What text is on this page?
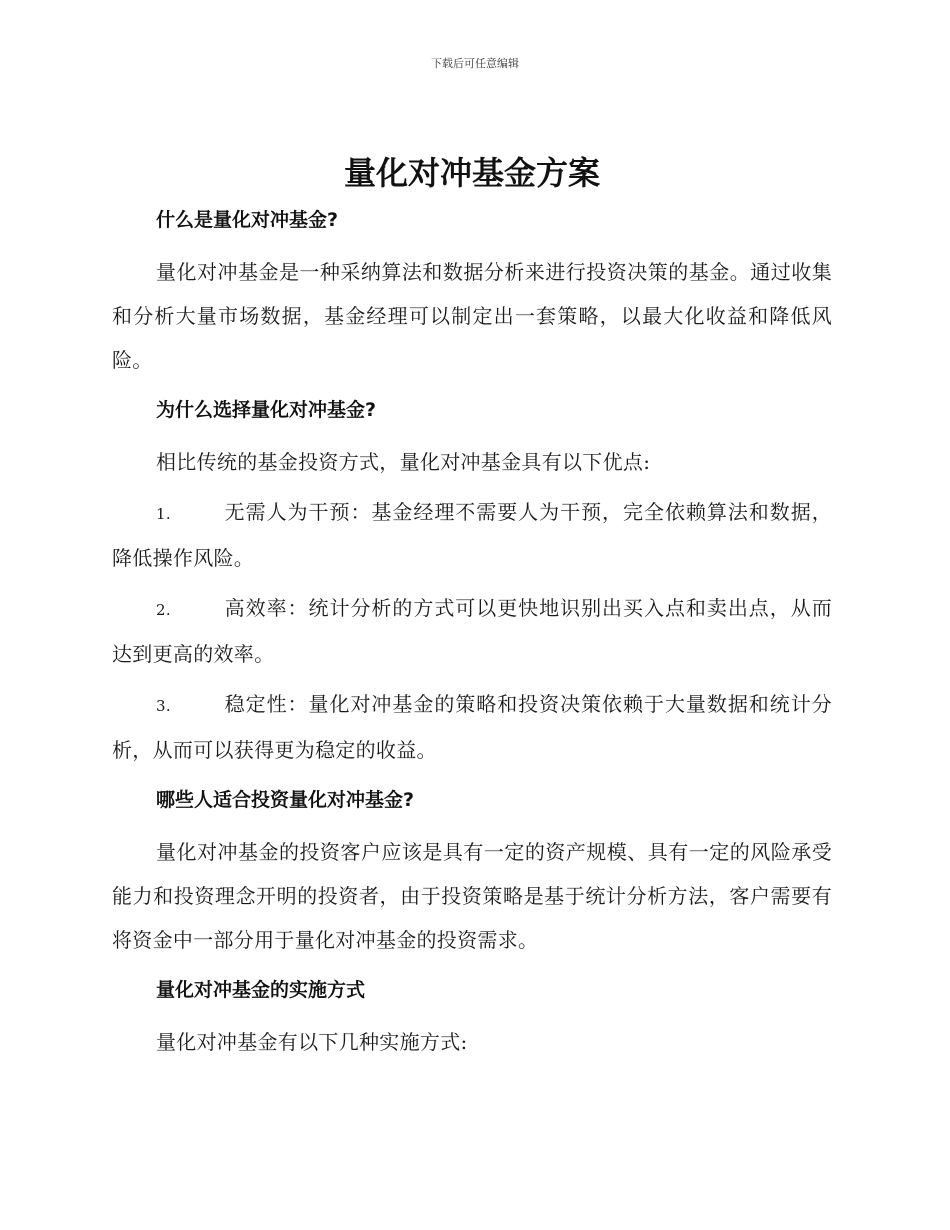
下载后可任意编辑
量化对冲基金方案
什么是量化对冲基金?

量化对冲基金是一种采纳算法和数据分析来进行投资决策的基金。通过收集和分析大量市场数据，基金经理可以制定出一套策略，以最大化收益和降低风险。

为什么选择量化对冲基金?

相比传统的基金投资方式，量化对冲基金具有以下优点:

1.	无需人为干预：基金经理不需要人为干预，完全依赖算法和数据，降低操作风险。
2.	高效率：统计分析的方式可以更快地识别出买入点和卖出点，从而达到更高的效率。
3.	稳定性：量化对冲基金的策略和投资决策依赖于大量数据和统计分析，从而可以获得更为稳定的收益。
哪些人适合投资量化对冲基金?

量化对冲基金的投资客户应该是具有一定的资产规模、具有一定的风险承受能力和投资理念开明的投资者，由于投资策略是基于统计分析方法，客户需要有将资金中一部分用于量化对冲基金的投资需求。

量化对冲基金的实施方式

量化对冲基金有以下几种实施方式:
